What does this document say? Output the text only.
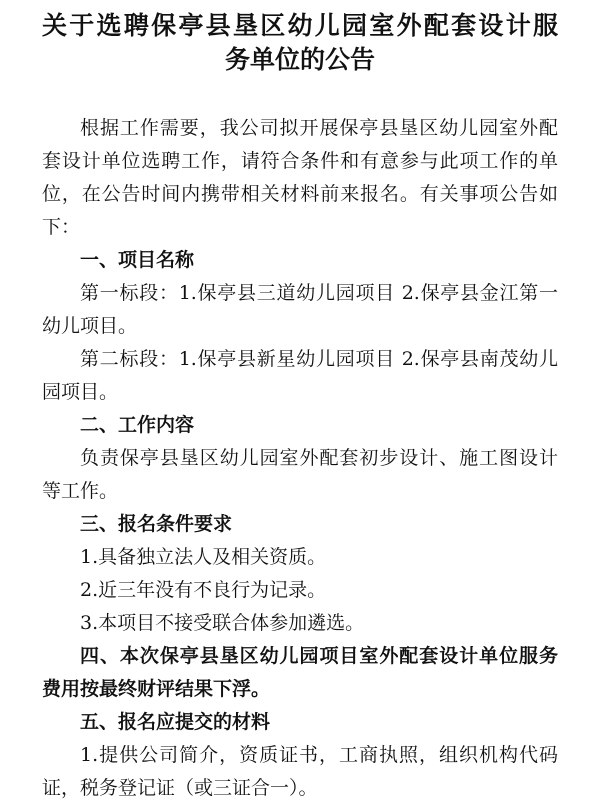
关于选聘保亭县垦区幼儿园室外配套设计服
务单位的公告
根据工作需要，我公司拟开展保亭县垦区幼儿园室外配
套设计单位选聘工作，请符合条件和有意参与此项工作的单
位，在公告时间内携带相关材料前来报名。有关事项公告如
下：
一、项目名称
第一标段：1.保亭县三道幼儿园项目 2.保亭县金江第一
幼儿项目。
第二标段：1.保亭县新星幼儿园项目 2.保亭县南茂幼儿
园项目。
二、工作内容
负责保亭县垦区幼儿园室外配套初步设计、施工图设计
等工作。
三、报名条件要求
1.具备独立法人及相关资质。
2.近三年没有不良行为记录。
3.本项目不接受联合体参加遴选。
四、本次保亭县垦区幼儿园项目室外配套设计单位服务
费用按最终财评结果下浮。
五、报名应提交的材料
1.提供公司简介，资质证书，工商执照，组织机构代码
证，税务登记证（或三证合一）。
